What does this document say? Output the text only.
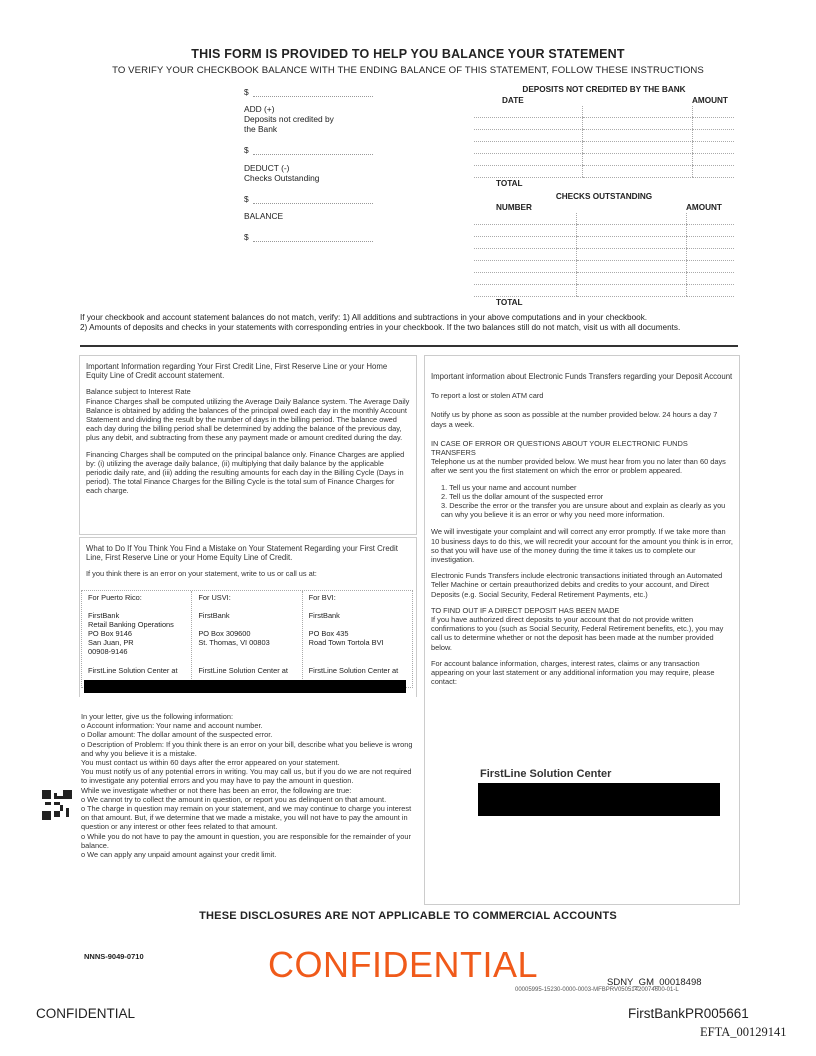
THIS FORM IS PROVIDED TO HELP YOU BALANCE YOUR STATEMENT
TO VERIFY YOUR CHECKBOOK BALANCE WITH THE ENDING BALANCE OF THIS STATEMENT, FOLLOW THESE INSTRUCTIONS
$
ADD (+)
Deposits not credited by the Bank
$
DEDUCT (-)
Checks Outstanding
$
BALANCE
$
DEPOSITS NOT CREDITED BY THE BANK		
DATE		AMOUNT

TOTAL		
CHECKS OUTSTANDING		
NUMBER		AMOUNT

TOTAL		
If your checkbook and account statement balances do not match, verify: 1) All additions and subtractions in your above computations and in your checkbook.
2) Amounts of deposits and checks in your statements with corresponding entries in your checkbook. If the two balances still do not match, visit us with all documents.

Important Information regarding Your First Credit Line, First Reserve Line or your Home Equity Line of Credit account statement.

Balance subject to Interest Rate

Finance Charges shall be computed utilizing the Average Daily Balance system. The Average Daily Balance is obtained by adding the balances of the principal owed each day in the monthly Account Statement and dividing the result by the number of days in the billing period. The balance owed each day during the billing period shall be determined by adding the balance of the previous day, plus any debit, and subtracting from these any payment made or amount credited during the day.

Financing Charges shall be computed on the principal balance only. Finance Charges are applied by: (i) utilizing the average daily balance, (ii) multiplying that daily balance by the applicable periodic daily rate, and (iii) adding the resulting amounts for each day in the Billing Cycle (Days in period). The total Finance Charges for the Billing Cycle is the total sum of Finance Charges for each charge.

What to Do If You Think You Find a Mistake on Your Statement Regarding your First Credit Line, First Reserve Line or your Home Equity Line of Credit.

If you think there is an error on your statement, write to us or call us at:

For Puerto Rico:
FirstBank
Retail Banking Operations
PO Box 9146
San Juan, PR
00908-9146
FirstLine Solution Center at
For USVI:
FirstBank
PO Box 309600
St. Thomas, VI 00803
FirstLine Solution Center at
For BVI:
FirstBank
PO Box 435
Road Town Tortola BVI
FirstLine Solution Center at
In your letter, give us the following information:
o Account information: Your name and account number.
o Dollar amount: The dollar amount of the suspected error.
o Description of Problem: If you think there is an error on your bill, describe what you believe is wrong and why you believe it is a mistake.
You must contact us within 60 days after the error appeared on your statement.
You must notify us of any potential errors in writing. You may call us, but if you do we are not required to investigate any potential errors and you may have to pay the amount in question.
While we investigate whether or not there has been an error, the following are true:
o We cannot try to collect the amount in question, or report you as delinquent on that amount.
o The charge in question may remain on your statement, and we may continue to charge you interest on that amount. But, if we determine that we made a mistake, you will not have to pay the amount in question or any interest or other fees related to that amount.
o While you do not have to pay the amount in question, you are responsible for the remainder of your balance.
o We can apply any unpaid amount against your credit limit.

Important information about Electronic Funds Transfers regarding your Deposit Account

To report a lost or stolen ATM card

Notify us by phone as soon as possible at the number provided below. 24 hours a day 7 days a week.

IN CASE OF ERROR OR QUESTIONS ABOUT YOUR ELECTRONIC FUNDS TRANSFERS

Telephone us at the number provided below. We must hear from you no later than 60 days after we sent you the first statement on which the error or problem appeared.

1. Tell us your name and account number
2. Tell us the dollar amount of the suspected error
3. Describe the error or the transfer you are unsure about and explain as clearly as you can why you believe it is an error or why you need more information.

We will investigate your complaint and will correct any error promptly. If we take more than 10 business days to do this, we will recredit your account for the amount you think is in error, so that you will have use of the money during the time it takes us to complete our investigation.

Electronic Funds Transfers include electronic transactions initiated through an Automated Teller Machine or certain preauthorized debits and credits to your account, and Direct Deposits (e.g. Social Security, Federal Retirement Payments, etc.)

TO FIND OUT IF A DIRECT DEPOSIT HAS BEEN MADE

If you have authorized direct deposits to your account that do not provide written confirmations to you (such as Social Security, Federal Retirement benefits, etc.), you may call us to determine whether or not the deposit has been made at the number provided below.

For account balance information, charges, interest rates, claims or any transaction appearing on your last statement or any additional information you may require, please contact:

FirstLine Solution Center
THESE DISCLOSURES ARE NOT APPLICABLE TO COMMERCIAL ACCOUNTS
NNNS-9049-0710	CONFIDENTIAL	SDNY_GM_00018498
00005995-15230-0000-0003-MFBPRV05051420074600-01-L
CONFIDENTIAL	FirstBankPR005661
EFTA_00129141
